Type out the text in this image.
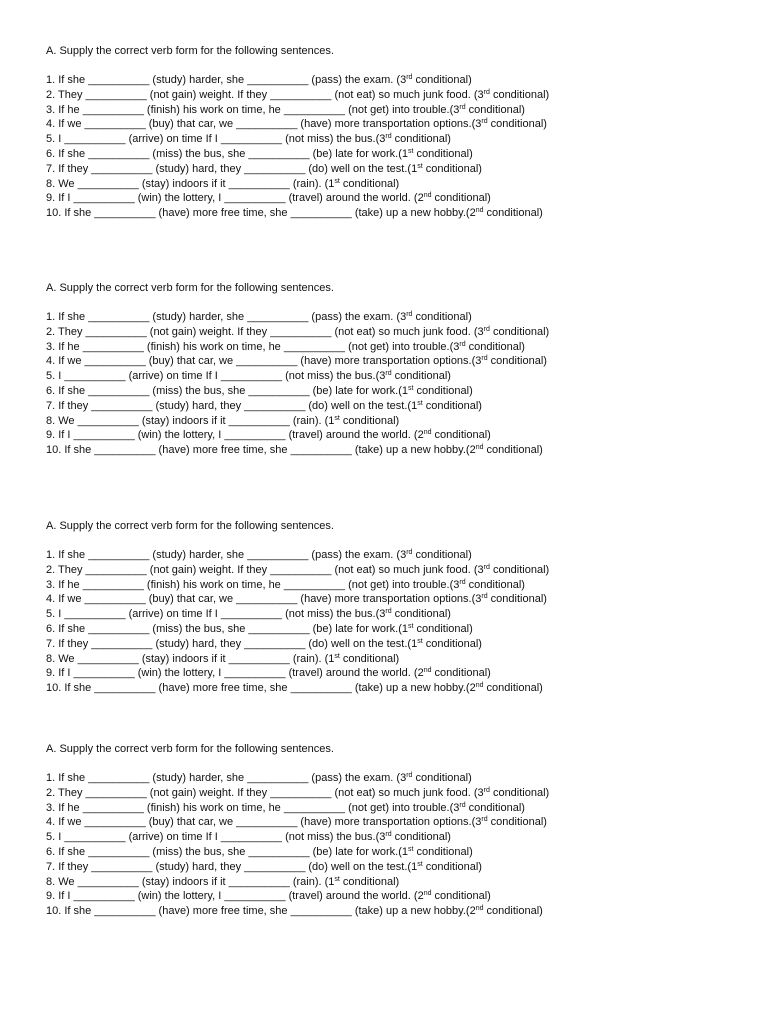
A. Supply the correct verb form for the following sentences.
1. If she __________ (study) harder, she __________ (pass) the exam. (3rd conditional)
2. They __________ (not gain) weight. If they __________ (not eat) so much junk food. (3rd conditional)
3. If he __________ (finish) his work on time, he __________ (not get) into trouble.(3rd conditional)
4. If we __________ (buy) that car, we __________ (have) more transportation options.(3rd conditional)
5. I __________ (arrive) on time If I __________ (not miss) the bus.(3rd conditional)
6. If she __________ (miss) the bus, she __________ (be) late for work.(1st conditional)
7. If they __________ (study) hard, they __________ (do) well on the test.(1st conditional)
8. We __________ (stay) indoors if it __________ (rain). (1st conditional)
9. If I __________ (win) the lottery, I __________ (travel) around the world. (2nd conditional)
10. If she __________ (have) more free time, she __________ (take) up a new hobby.(2nd conditional)
A. Supply the correct verb form for the following sentences.
1. If she __________ (study) harder, she __________ (pass) the exam. (3rd conditional)
2. They __________ (not gain) weight. If they __________ (not eat) so much junk food. (3rd conditional)
3. If he __________ (finish) his work on time, he __________ (not get) into trouble.(3rd conditional)
4. If we __________ (buy) that car, we __________ (have) more transportation options.(3rd conditional)
5. I __________ (arrive) on time If I __________ (not miss) the bus.(3rd conditional)
6. If she __________ (miss) the bus, she __________ (be) late for work.(1st conditional)
7. If they __________ (study) hard, they __________ (do) well on the test.(1st conditional)
8. We __________ (stay) indoors if it __________ (rain). (1st conditional)
9. If I __________ (win) the lottery, I __________ (travel) around the world. (2nd conditional)
10. If she __________ (have) more free time, she __________ (take) up a new hobby.(2nd conditional)
A. Supply the correct verb form for the following sentences.
1. If she __________ (study) harder, she __________ (pass) the exam. (3rd conditional)
2. They __________ (not gain) weight. If they __________ (not eat) so much junk food. (3rd conditional)
3. If he __________ (finish) his work on time, he __________ (not get) into trouble.(3rd conditional)
4. If we __________ (buy) that car, we __________ (have) more transportation options.(3rd conditional)
5. I __________ (arrive) on time If I __________ (not miss) the bus.(3rd conditional)
6. If she __________ (miss) the bus, she __________ (be) late for work.(1st conditional)
7. If they __________ (study) hard, they __________ (do) well on the test.(1st conditional)
8. We __________ (stay) indoors if it __________ (rain). (1st conditional)
9. If I __________ (win) the lottery, I __________ (travel) around the world. (2nd conditional)
10. If she __________ (have) more free time, she __________ (take) up a new hobby.(2nd conditional)
A. Supply the correct verb form for the following sentences.
1. If she __________ (study) harder, she __________ (pass) the exam. (3rd conditional)
2. They __________ (not gain) weight. If they __________ (not eat) so much junk food. (3rd conditional)
3. If he __________ (finish) his work on time, he __________ (not get) into trouble.(3rd conditional)
4. If we __________ (buy) that car, we __________ (have) more transportation options.(3rd conditional)
5. I __________ (arrive) on time If I __________ (not miss) the bus.(3rd conditional)
6. If she __________ (miss) the bus, she __________ (be) late for work.(1st conditional)
7. If they __________ (study) hard, they __________ (do) well on the test.(1st conditional)
8. We __________ (stay) indoors if it __________ (rain). (1st conditional)
9. If I __________ (win) the lottery, I __________ (travel) around the world. (2nd conditional)
10. If she __________ (have) more free time, she __________ (take) up a new hobby.(2nd conditional)
